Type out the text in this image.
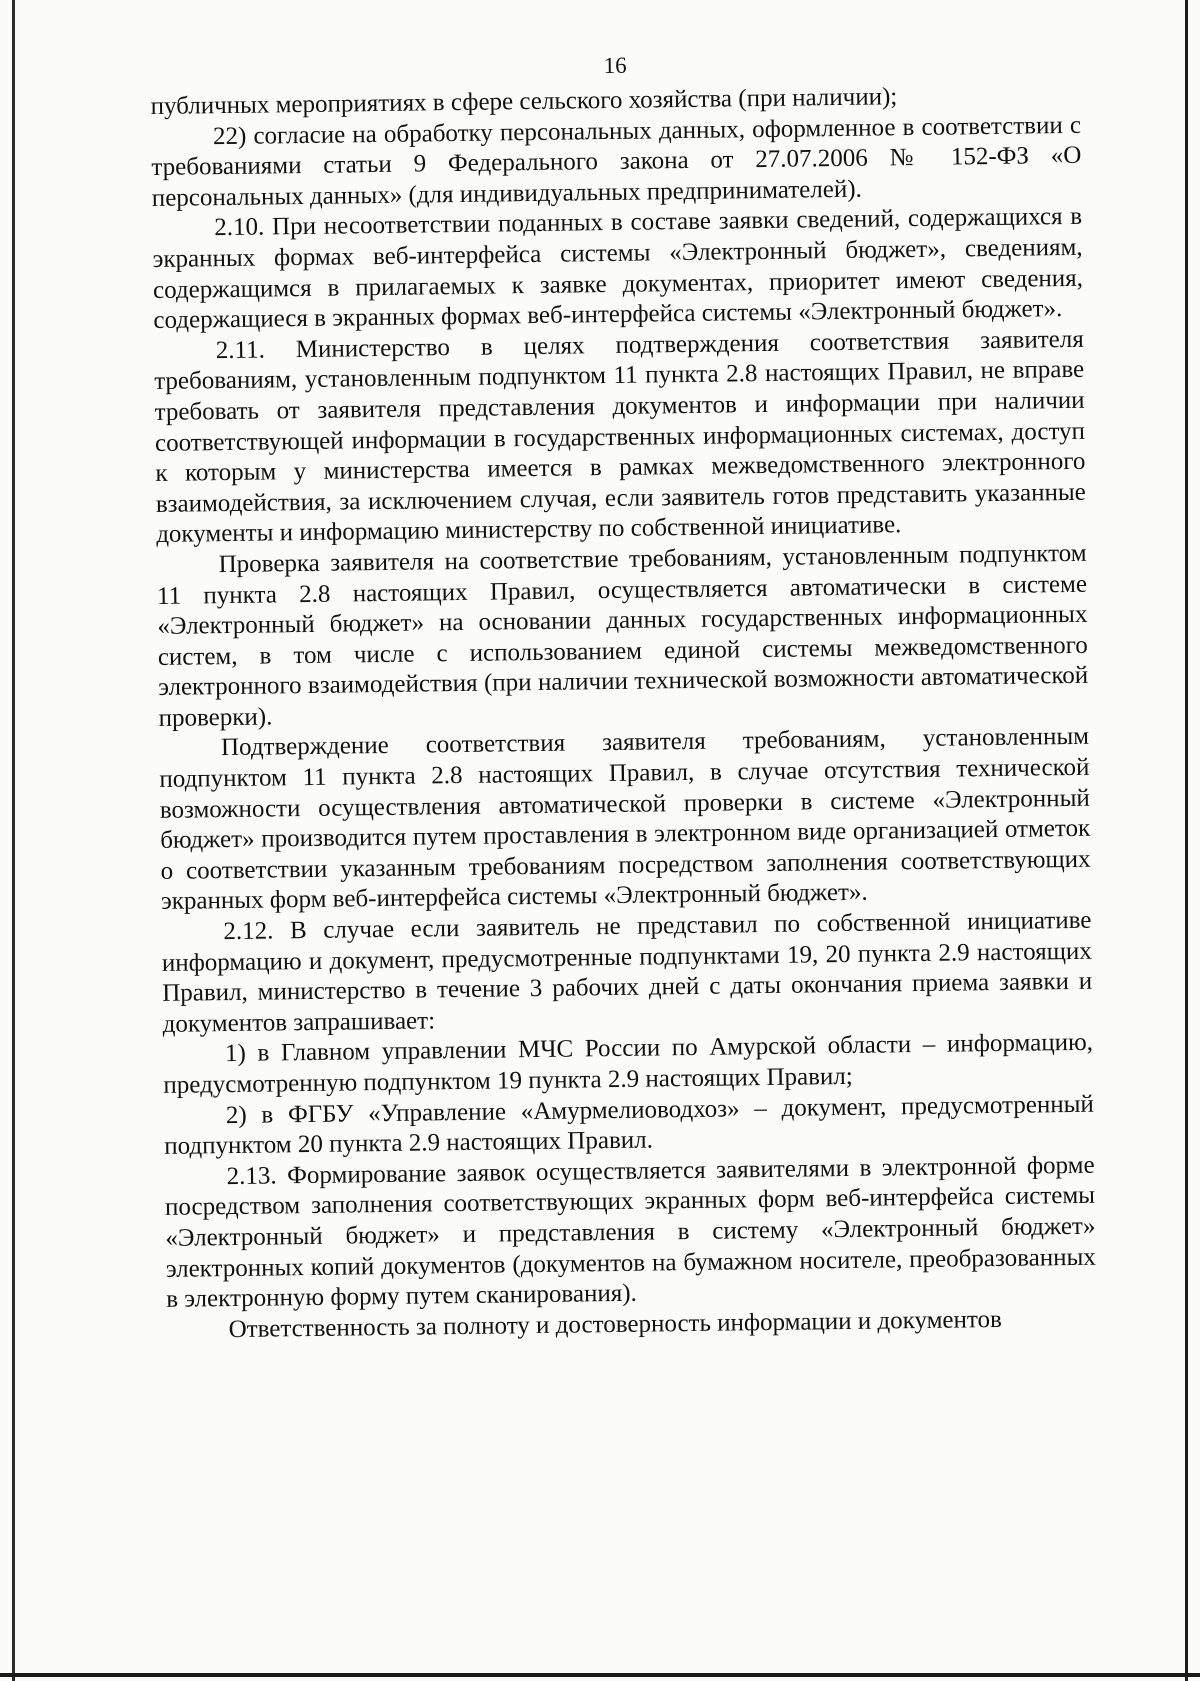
16

публичных мероприятиях в сфере сельского хозяйства (при наличии);

22) согласие на обработку персональных данных, оформленное в соответствии с требованиями статьи 9 Федерального закона от 27.07.2006 № 152-ФЗ «О персональных данных» (для индивидуальных предпринимателей).

2.10. При несоответствии поданных в составе заявки сведений, содержащихся в экранных формах веб-интерфейса системы «Электронный бюджет», сведениям, содержащимся в прилагаемых к заявке документах, приоритет имеют сведения, содержащиеся в экранных формах веб-интерфейса системы «Электронный бюджет».

2.11. Министерство в целях подтверждения соответствия заявителя требованиям, установленным подпунктом 11 пункта 2.8 настоящих Правил, не вправе требовать от заявителя представления документов и информации при наличии соответствующей информации в государственных информационных системах, доступ к которым у министерства имеется в рамках межведомственного электронного взаимодействия, за исключением случая, если заявитель готов представить указанные документы и информацию министерству по собственной инициативе.

Проверка заявителя на соответствие требованиям, установленным подпунктом 11 пункта 2.8 настоящих Правил, осуществляется автоматически в системе «Электронный бюджет» на основании данных государственных информационных систем, в том числе с использованием единой системы межведомственного электронного взаимодействия (при наличии технической возможности автоматической проверки).

Подтверждение соответствия заявителя требованиям, установленным подпунктом 11 пункта 2.8 настоящих Правил, в случае отсутствия технической возможности осуществления автоматической проверки в системе «Электронный бюджет» производится путем проставления в электронном виде организацией отметок о соответствии указанным требованиям посредством заполнения соответствующих экранных форм веб-интерфейса системы «Электронный бюджет».

2.12. В случае если заявитель не представил по собственной инициативе информацию и документ, предусмотренные подпунктами 19, 20 пункта 2.9 настоящих Правил, министерство в течение 3 рабочих дней с даты окончания приема заявки и документов запрашивает:

1) в Главном управлении МЧС России по Амурской области – информацию, предусмотренную подпунктом 19 пункта 2.9 настоящих Правил;

2) в ФГБУ «Управление «Амурмелиоводхоз» – документ, предусмотренный подпунктом 20 пункта 2.9 настоящих Правил.

2.13. Формирование заявок осуществляется заявителями в электронной форме посредством заполнения соответствующих экранных форм веб-интерфейса системы «Электронный бюджет» и представления в систему «Электронный бюджет» электронных копий документов (документов на бумажном носителе, преобразованных в электронную форму путем сканирования).

Ответственность за полноту и достоверность информации и документов
